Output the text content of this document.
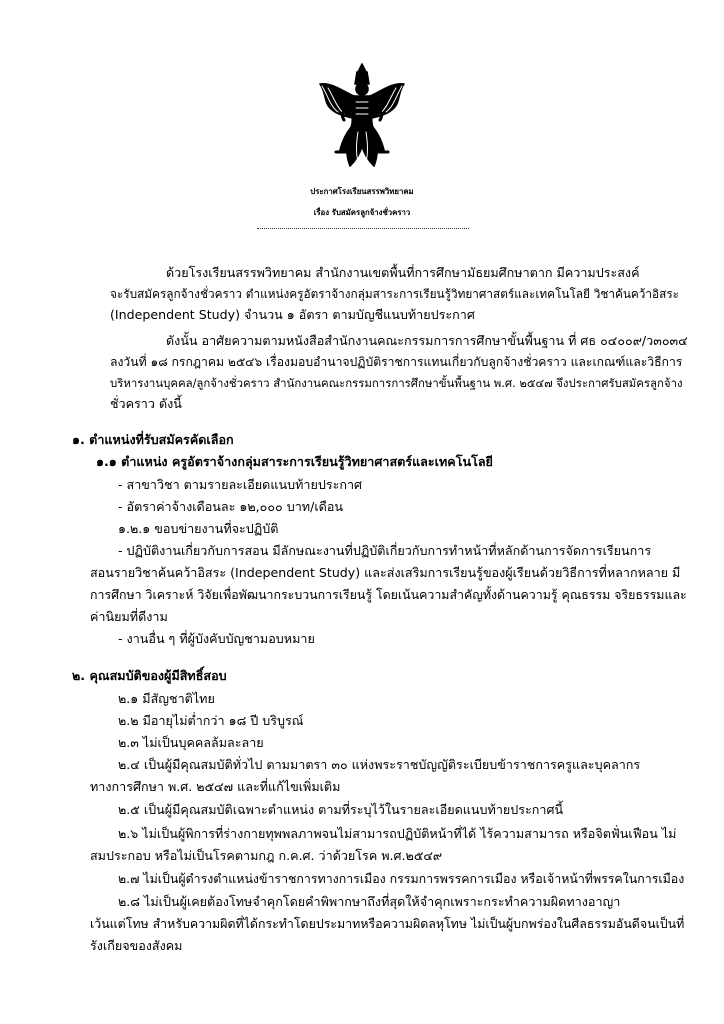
ประกาศโรงเรียนสรรพวิทยาคม
เรื่อง รับสมัครลูกจ้างชั่วคราว
ด้วยโรงเรียนสรรพวิทยาคม สำนักงานเขตพื้นที่การศึกษามัธยมศึกษาตาก มีความประสงค์
จะรับสมัครลูกจ้างชั่วคราว ตำแหน่งครูอัตราจ้างกลุ่มสาระการเรียนรู้วิทยาศาสตร์และเทคโนโลยี วิชาค้นคว้าอิสระ
(Independent Study) จำนวน ๑ อัตรา ตามบัญชีแนบท้ายประกาศ
ดังนั้น อาศัยความตามหนังสือสำนักงานคณะกรรมการการศึกษาขั้นพื้นฐาน ที่ ศธ ๐๔๐๐๙/ว๓๐๓๔
ลงวันที่ ๑๘ กรกฎาคม ๒๕๔๖ เรื่องมอบอำนาจปฏิบัติราชการแทนเกี่ยวกับลูกจ้างชั่วคราว และเกณฑ์และวิธีการ
บริหารงานบุคคล/ลูกจ้างชั่วคราว สำนักงานคณะกรรมการการศึกษาขั้นพื้นฐาน พ.ศ. ๒๕๔๗ จึงประกาศรับสมัครลูกจ้าง
ชั่วคราว ดังนี้
๑. ตำแหน่งที่รับสมัครคัดเลือก
๑.๑ ตำแหน่ง ครูอัตราจ้างกลุ่มสาระการเรียนรู้วิทยาศาสตร์และเทคโนโลยี
- สาขาวิชา ตามรายละเอียดแนบท้ายประกาศ
- อัตราค่าจ้างเดือนละ ๑๒,๐๐๐ บาท/เดือน
๑.๒.๑ ขอบข่ายงานที่จะปฏิบัติ
- ปฏิบัติงานเกี่ยวกับการสอน มีลักษณะงานที่ปฏิบัติเกี่ยวกับการทำหน้าที่หลักด้านการจัดการเรียนการ
สอนรายวิชาค้นคว้าอิสระ (Independent Study) และส่งเสริมการเรียนรู้ของผู้เรียนด้วยวิธีการที่หลากหลาย มี
การศึกษา วิเคราะห์ วิจัยเพื่อพัฒนากระบวนการเรียนรู้ โดยเน้นความสำคัญทั้งด้านความรู้ คุณธรรม จริยธรรมและ
ค่านิยมที่ดีงาม
- งานอื่น ๆ ที่ผู้บังคับบัญชามอบหมาย
๒. คุณสมบัติของผู้มีสิทธิ์สอบ
๒.๑ มีสัญชาติไทย
๒.๒ มีอายุไม่ต่ำกว่า ๑๘ ปี บริบูรณ์
๒.๓ ไม่เป็นบุคคลล้มละลาย
๒.๔ เป็นผู้มีคุณสมบัติทั่วไป ตามมาตรา ๓๐ แห่งพระราชบัญญัติระเบียบข้าราชการครูและบุคลากร
ทางการศึกษา พ.ศ. ๒๕๔๗ และที่แก้ไขเพิ่มเติม
๒.๕ เป็นผู้มีคุณสมบัติเฉพาะตำแหน่ง ตามที่ระบุไว้ในรายละเอียดแนบท้ายประกาศนี้
๒.๖ ไม่เป็นผู้พิการที่ร่างกายทุพพลภาพจนไม่สามารถปฏิบัติหน้าที่ได้ ไร้ความสามารถ หรือจิตฟั่นเฟือน ไม่
สมประกอบ หรือไม่เป็นโรคตามกฎ ก.ค.ศ. ว่าด้วยโรค พ.ศ.๒๕๔๙
๒.๗ ไม่เป็นผู้ดำรงตำแหน่งข้าราชการทางการเมือง กรรมการพรรคการเมือง หรือเจ้าหน้าที่พรรคในการเมือง
๒.๘ ไม่เป็นผู้เคยต้องโทษจำคุกโดยคำพิพากษาถึงที่สุดให้จำคุกเพราะกระทำความผิดทางอาญา
เว้นแต่โทษ สำหรับความผิดที่ได้กระทำโดยประมาทหรือความผิดลหุโทษ ไม่เป็นผู้บกพร่องในศีลธรรมอันดีจนเป็นที่
รังเกียจของสังคม
